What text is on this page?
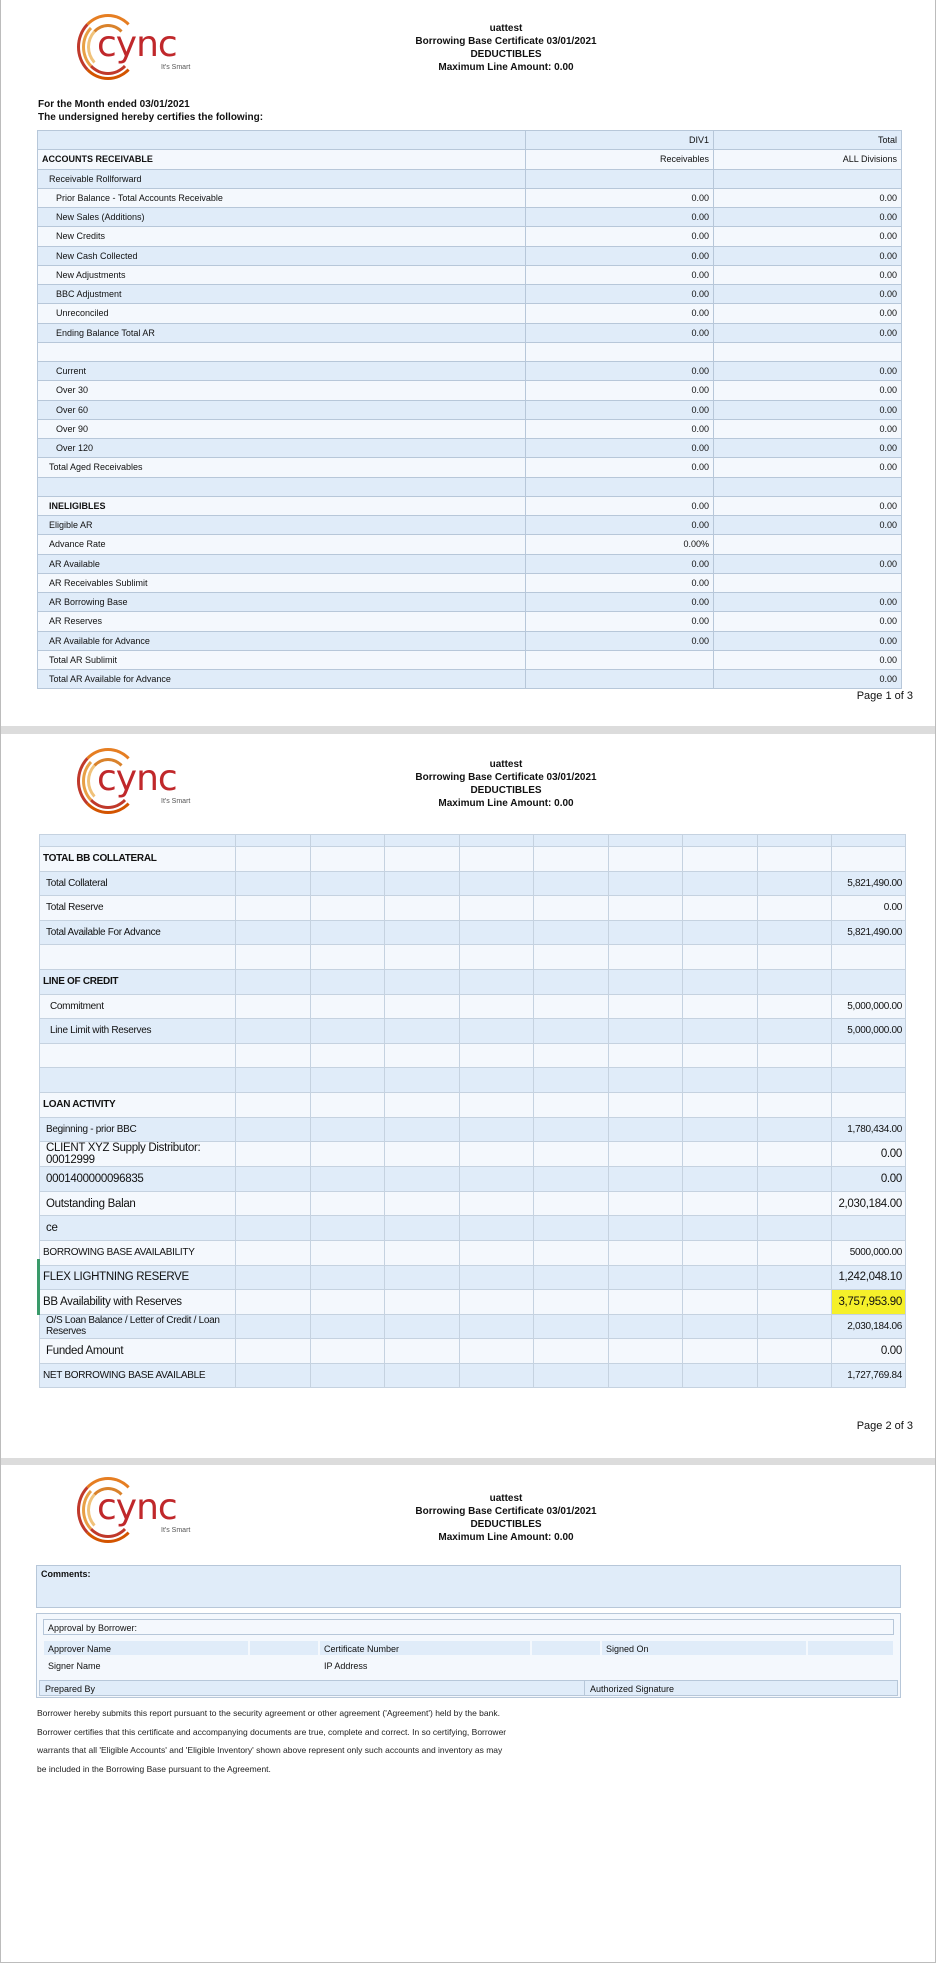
cync
It's Smart
uattest
Borrowing Base Certificate 03/01/2021
DEDUCTIBLES
Maximum Line Amount: 0.00
For the Month ended 03/01/2021
The undersigned hereby certifies the following:
	DIV1	Total
ACCOUNTS RECEIVABLE	Receivables	ALL Divisions
Receivable Rollforward		
Prior Balance - Total Accounts Receivable	0.00	0.00
New Sales (Additions)	0.00	0.00
New Credits	0.00	0.00
New Cash Collected	0.00	0.00
New Adjustments	0.00	0.00
BBC Adjustment	0.00	0.00
Unreconciled	0.00	0.00
Ending Balance Total AR	0.00	0.00

Current	0.00	0.00
Over 30	0.00	0.00
Over 60	0.00	0.00
Over 90	0.00	0.00
Over 120	0.00	0.00
Total Aged Receivables	0.00	0.00

INELIGIBLES	0.00	0.00
Eligible AR	0.00	0.00
Advance Rate	0.00%	
AR Available	0.00	0.00
AR Receivables Sublimit	0.00	
AR Borrowing Base	0.00	0.00
AR Reserves	0.00	0.00
AR Available for Advance	0.00	0.00
Total AR Sublimit		0.00
Total AR Available for Advance		0.00
Page 1 of 3
cync
It's Smart
uattest
Borrowing Base Certificate 03/01/2021
DEDUCTIBLES
Maximum Line Amount: 0.00

TOTAL BB COLLATERAL									
Total Collateral									5,821,490.00
Total Reserve									0.00
Total Available For Advance									5,821,490.00

LINE OF CREDIT									
Commitment									5,000,000.00
Line Limit with Reserves									5,000,000.00

LOAN ACTIVITY									
Beginning - prior BBC									1,780,434.00
CLIENT XYZ Supply Distributor: 00012999									0.00
0001400000096835									0.00
Outstanding Balan									2,030,184.00
ce									
BORROWING BASE AVAILABILITY									5000,000.00
FLEX LIGHTNING RESERVE									1,242,048.10
BB Availability with Reserves									3,757,953.90
O/S Loan Balance / Letter of Credit / Loan Reserves									2,030,184.06
Funded Amount									0.00
NET BORROWING BASE AVAILABLE									1,727,769.84
Page 2 of 3
cync
It's Smart
uattest
Borrowing Base Certificate 03/01/2021
DEDUCTIBLES
Maximum Line Amount: 0.00
Comments:
Approval by Borrower:
Approver Name	Certificate Number	Signed On
Signer Name	IP Address
Prepared By	Authorized Signature
Borrower hereby submits this report pursuant to the security agreement or other agreement ('Agreement') held by the bank.
Borrower certifies that this certificate and accompanying documents are true, complete and correct. In so certifying, Borrower
warrants that all 'Eligible Accounts' and 'Eligible Inventory' shown above represent only such accounts and inventory as may
be included in the Borrowing Base pursuant to the Agreement.
